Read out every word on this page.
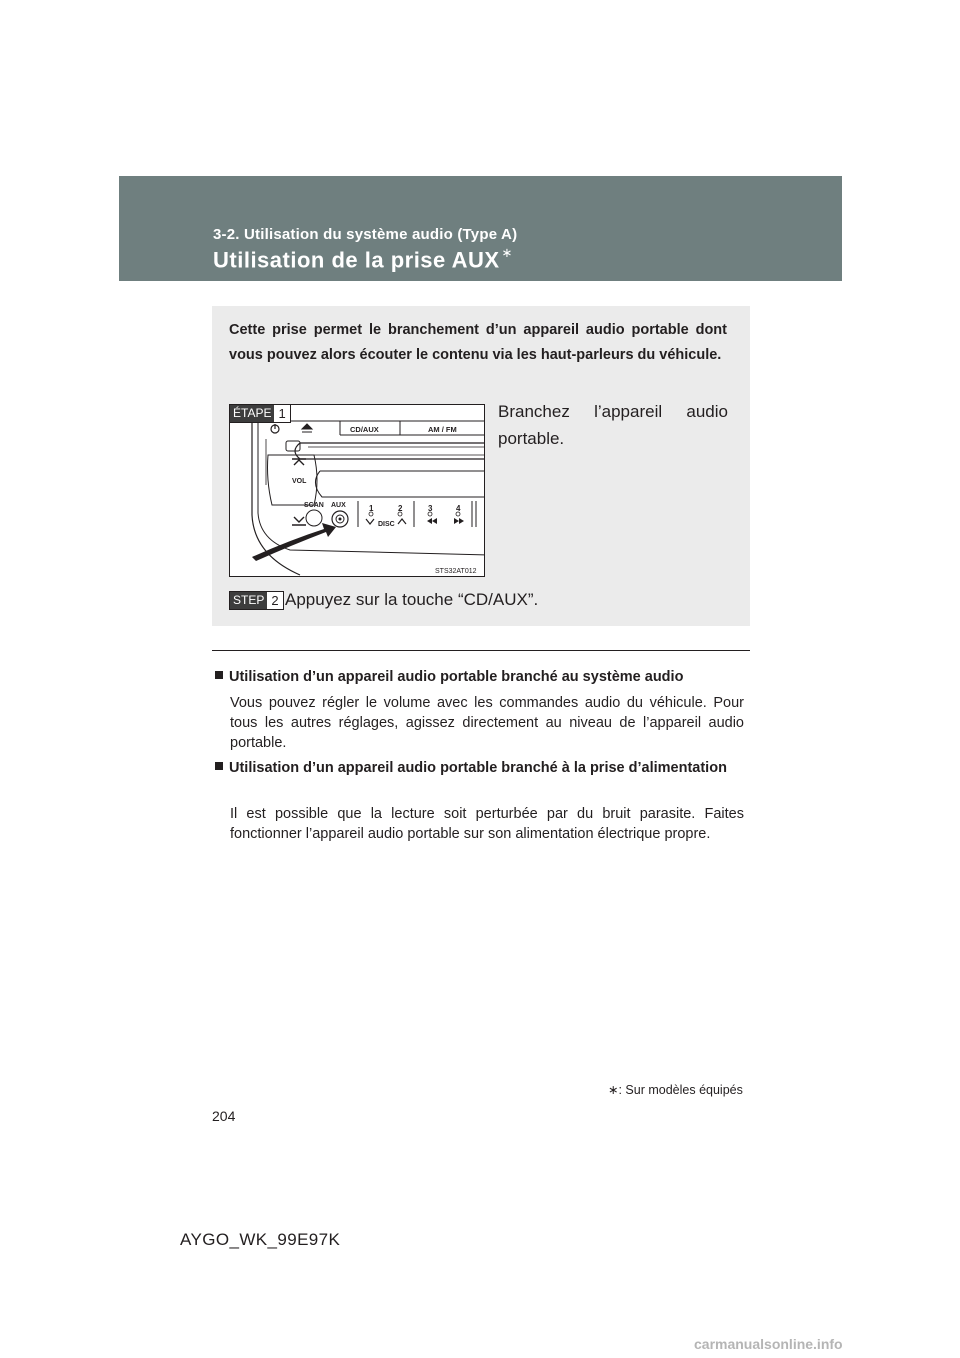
3-2. Utilisation du système audio (Type A)
Utilisation de la prise AUX ∗
Cette prise permet le branchement d’un appareil audio portable dont vous pouvez alors écouter le contenu via les haut-parleurs du véhicule.
CD/AUX	AM / FM
VOL
SCAN AUX	1	2	3	4
DISC
STS32AT012
ÉTAPE 1	Branchez l’appareil audio portable.
STEP 2 Appuyez sur la touche “CD/AUX”.
Utilisation d’un appareil audio portable branché au système audio
Vous pouvez régler le volume avec les commandes audio du véhicule. Pour tous les autres réglages, agissez directement au niveau de l’appareil audio portable.
Utilisation d’un appareil audio portable branché à la prise d’alimentation
Il est possible que la lecture soit perturbée par du bruit parasite. Faites fonctionner l’appareil audio portable sur son alimentation électrique propre.
∗: Sur modèles équipés
204
AYGO_WK_99E97K
carmanualsonline.info
